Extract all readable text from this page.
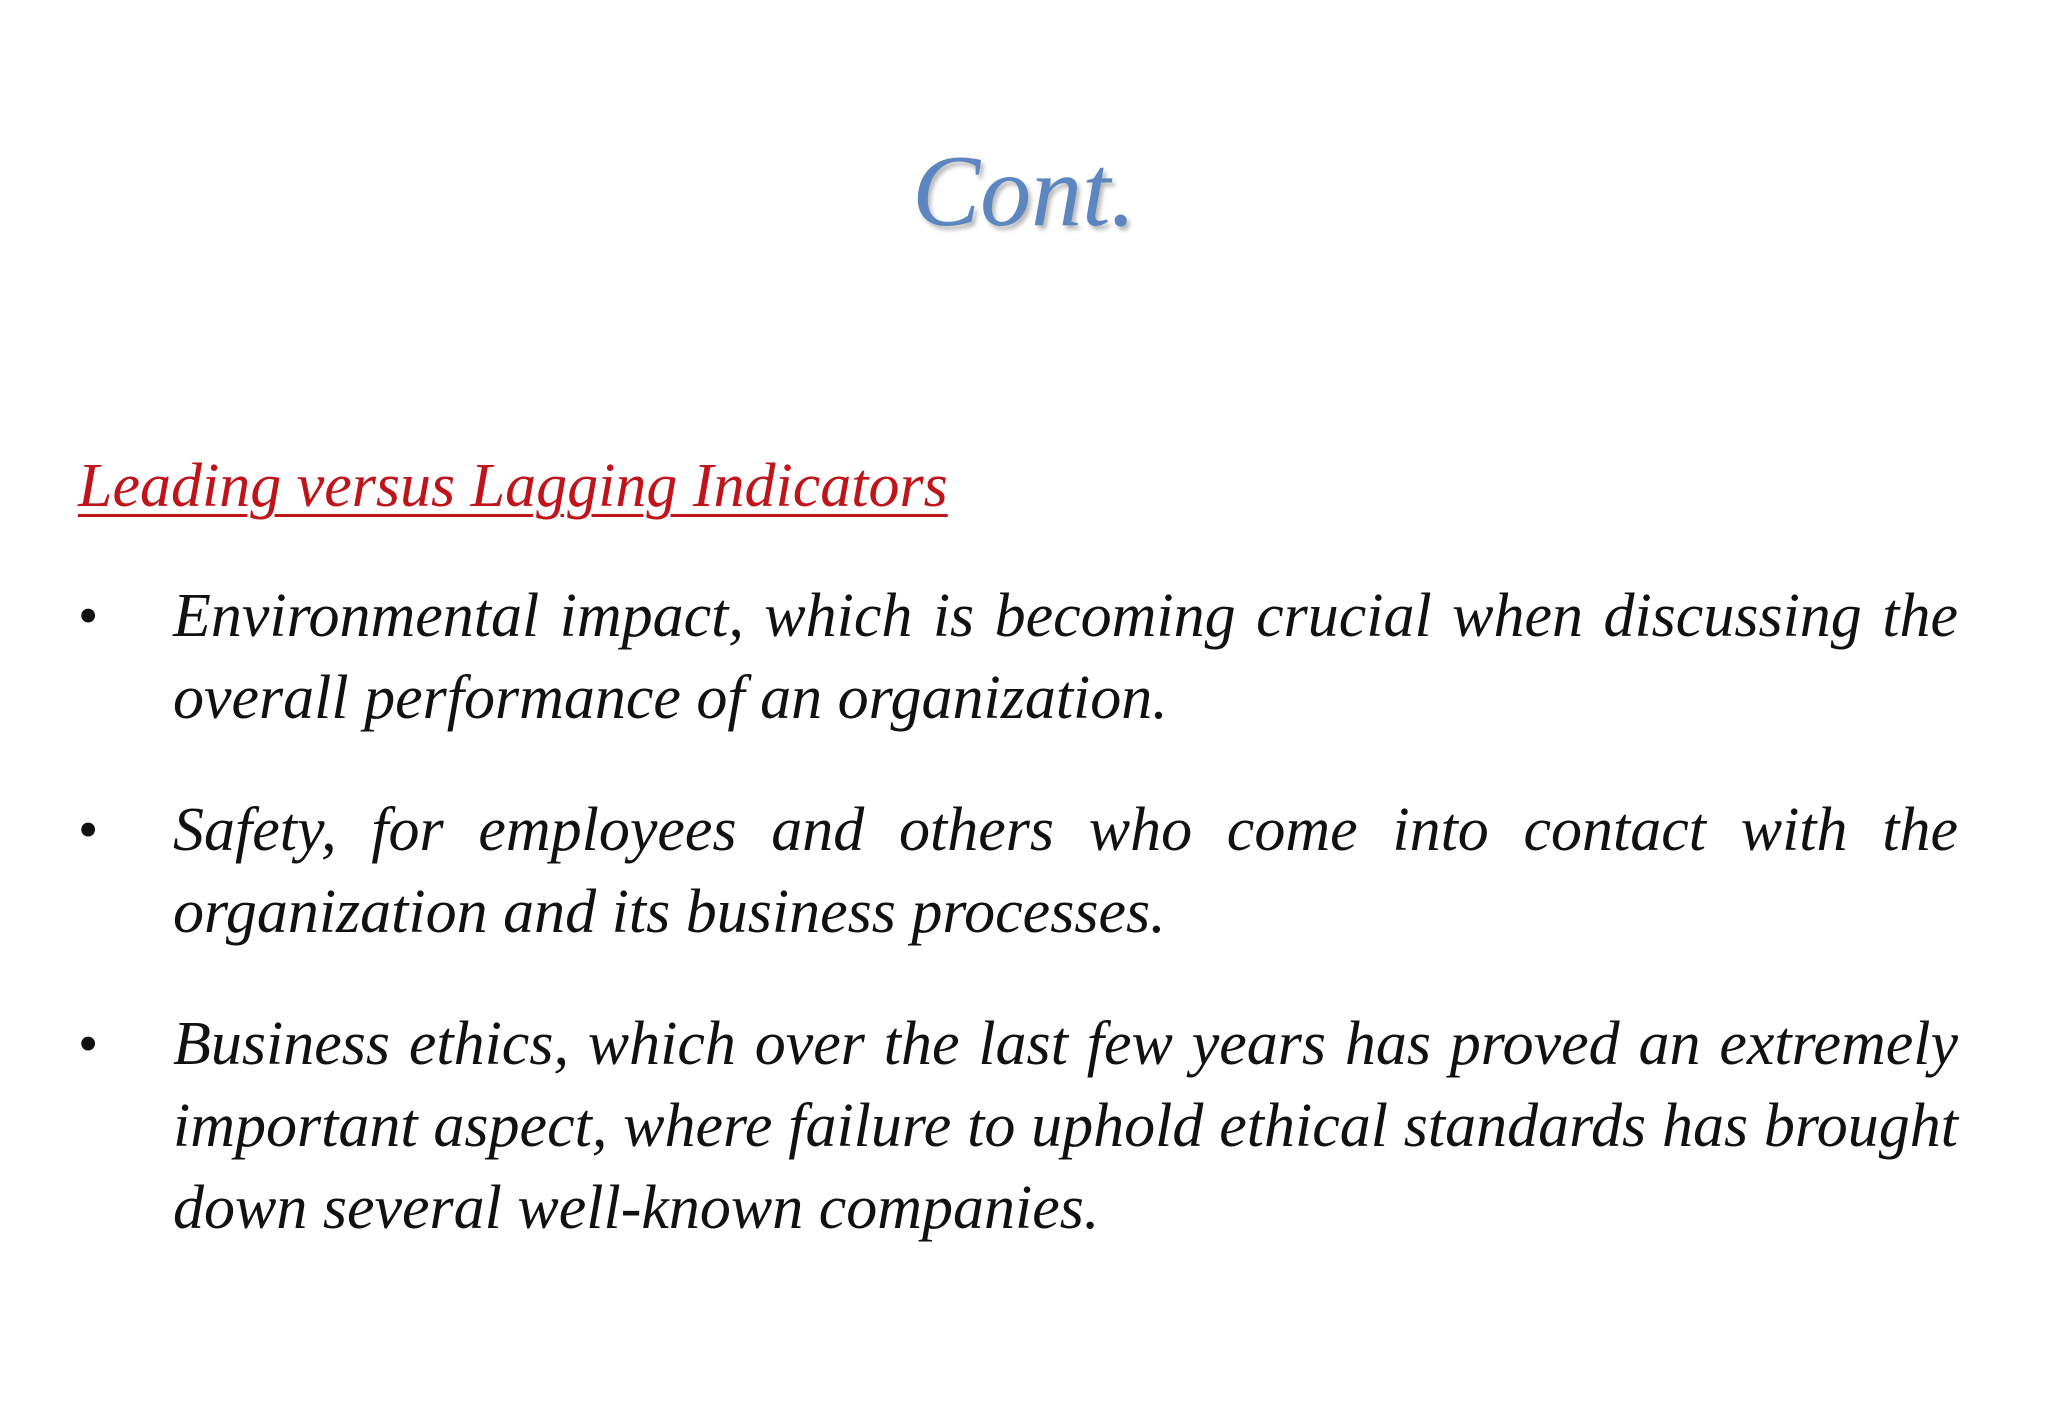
Cont.
Leading versus Lagging Indicators
• Environmental impact, which is becoming crucial when discussing the overall performance of an organization.
• Safety, for employees and others who come into contact with the organization and its business processes.
• Business ethics, which over the last few years has proved an extremely important aspect, where failure to uphold ethical standards has brought down several well-known companies.
